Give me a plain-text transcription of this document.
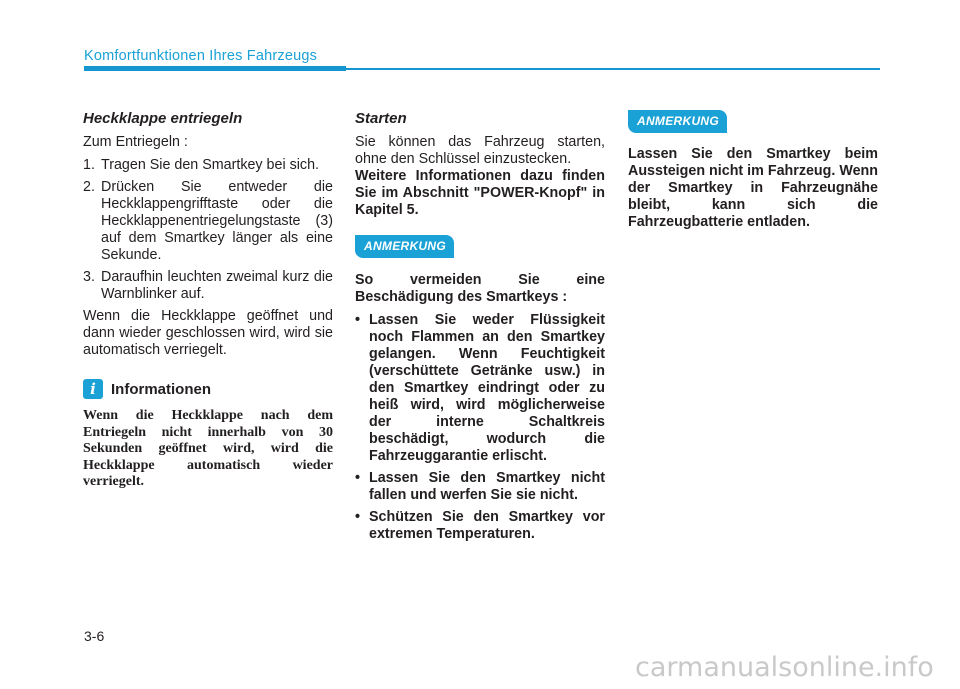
Komfortfunktionen Ihres Fahrzeugs
Heckklappe entriegeln
Zum Entriegeln :
1. Tragen Sie den Smartkey bei sich.
2. Drücken Sie entweder die Heckklappengrifftaste oder die Heckklappenentriegelungstaste (3) auf dem Smartkey länger als eine Sekunde.
3. Daraufhin leuchten zweimal kurz die Warnblinker auf.
Wenn die Heckklappe geöffnet und dann wieder geschlossen wird, wird sie automatisch verriegelt.
i	Informationen
Wenn die Heckklappe nach dem Entriegeln nicht innerhalb von 30 Sekunden geöffnet wird, wird die Heckklappe automatisch wieder verriegelt.
Starten
Sie können das Fahrzeug starten, ohne den Schlüssel einzustecken.
Weitere Informationen dazu finden Sie im Abschnitt "POWER-Knopf" in Kapitel 5.
ANMERKUNG
So vermeiden Sie eine Beschädigung des Smartkeys :
• Lassen Sie weder Flüssigkeit noch Flammen an den Smartkey gelangen. Wenn Feuchtigkeit (verschüttete Getränke usw.) in den Smartkey eindringt oder zu heiß wird, wird möglicherweise der interne Schaltkreis beschädigt, wodurch die Fahrzeuggarantie erlischt.
• Lassen Sie den Smartkey nicht fallen und werfen Sie sie nicht.
• Schützen Sie den Smartkey vor extremen Temperaturen.
ANMERKUNG
Lassen Sie den Smartkey beim Aussteigen nicht im Fahrzeug. Wenn der Smartkey in Fahrzeugnähe bleibt, kann sich die Fahrzeugbatterie entladen.
3-6
carmanualsonline.info
